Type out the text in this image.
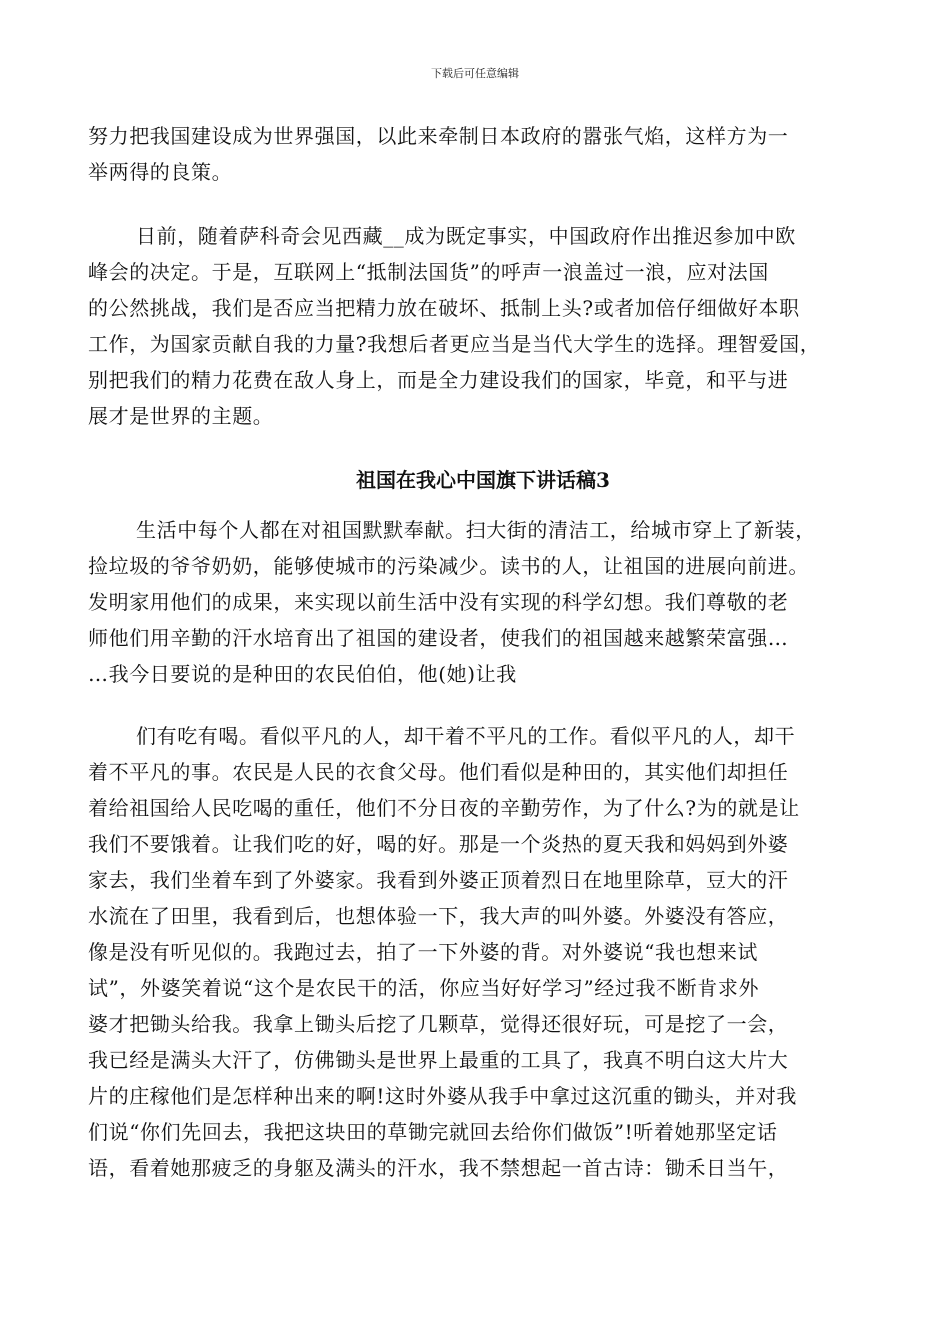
下载后可任意编辑
努力把我国建设成为世界强国，以此来牵制日本政府的嚣张气焰，这样方为一
举两得的良策。
日前，随着萨科奇会见西藏__成为既定事实，中国政府作出推迟参加中欧
峰会的决定。于是，互联网上“抵制法国货”的呼声一浪盖过一浪，应对法国
的公然挑战，我们是否应当把精力放在破坏、抵制上头?或者加倍仔细做好本职
工作，为国家贡献自我的力量?我想后者更应当是当代大学生的选择。理智爱国，
别把我们的精力花费在敌人身上，而是全力建设我们的国家，毕竟，和平与进
展才是世界的主题。
祖国在我心中国旗下讲话稿3
生活中每个人都在对祖国默默奉献。扫大街的清洁工，给城市穿上了新装，
捡垃圾的爷爷奶奶，能够使城市的污染减少。读书的人，让祖国的进展向前进。
发明家用他们的成果，来实现以前生活中没有实现的科学幻想。我们尊敬的老
师他们用辛勤的汗水培育出了祖国的建设者，使我们的祖国越来越繁荣富强…
…我今日要说的是种田的农民伯伯，他(她)让我
们有吃有喝。看似平凡的人，却干着不平凡的工作。看似平凡的人，却干
着不平凡的事。农民是人民的衣食父母。他们看似是种田的，其实他们却担任
着给祖国给人民吃喝的重任，他们不分日夜的辛勤劳作，为了什么?为的就是让
我们不要饿着。让我们吃的好，喝的好。那是一个炎热的夏天我和妈妈到外婆
家去，我们坐着车到了外婆家。我看到外婆正顶着烈日在地里除草，豆大的汗
水流在了田里，我看到后，也想体验一下，我大声的叫外婆。外婆没有答应，
像是没有听见似的。我跑过去，拍了一下外婆的背。对外婆说“我也想来试
试”，外婆笑着说“这个是农民干的活，你应当好好学习”经过我不断肯求外
婆才把锄头给我。我拿上锄头后挖了几颗草，觉得还很好玩，可是挖了一会，
我已经是满头大汗了，仿佛锄头是世界上最重的工具了，我真不明白这大片大
片的庄稼他们是怎样种出来的啊!这时外婆从我手中拿过这沉重的锄头，并对我
们说“你们先回去，我把这块田的草锄完就回去给你们做饭”!听着她那坚定话
语，看着她那疲乏的身躯及满头的汗水，我不禁想起一首古诗：锄禾日当午，
